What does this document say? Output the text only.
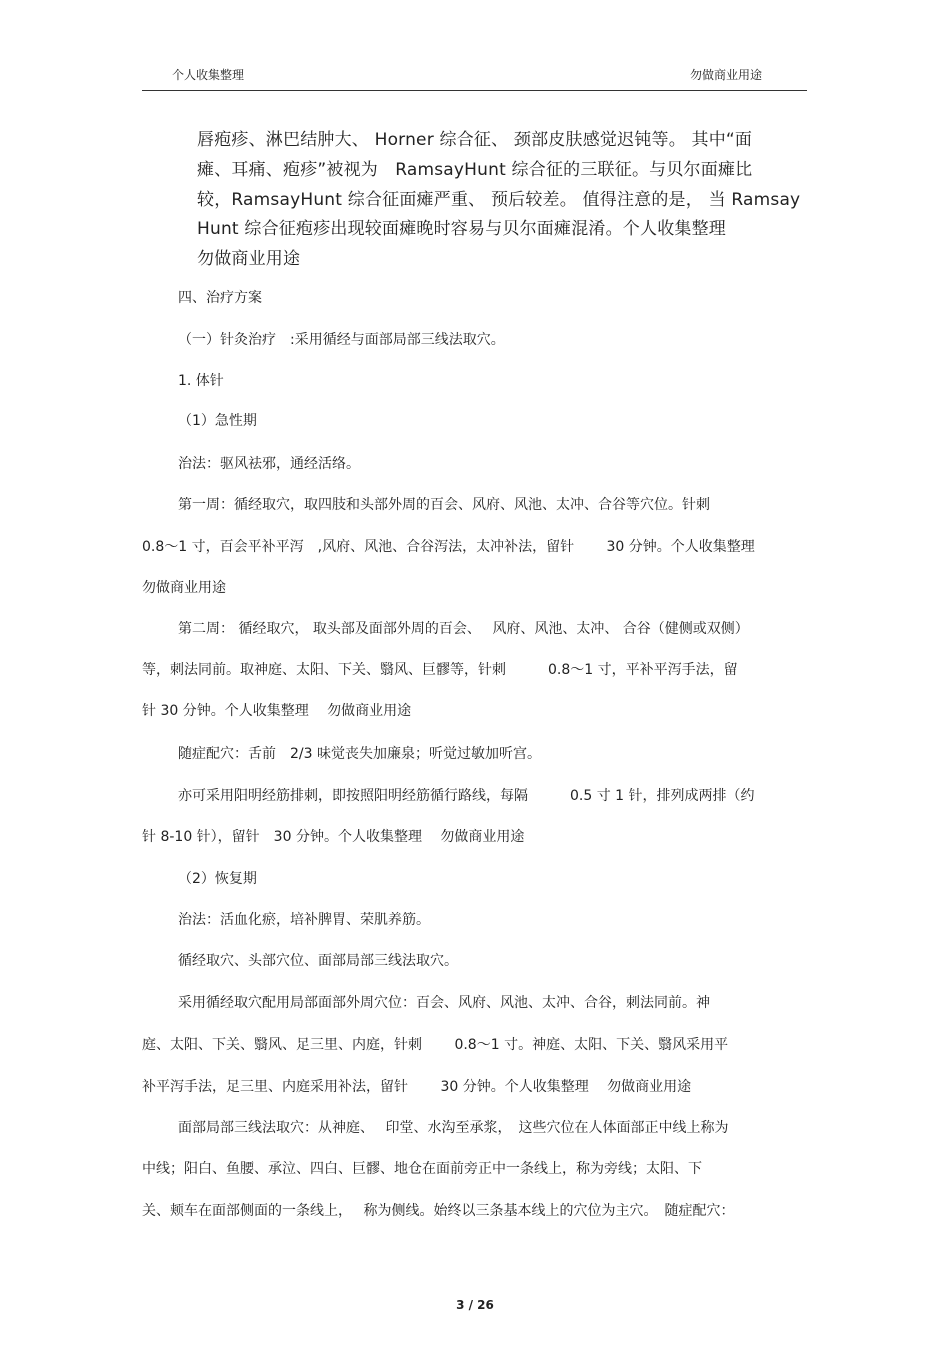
个人收集整理	勿做商业用途
唇疱疹、淋巴结肿大、 Horner 综合征、 颈部皮肤感觉迟钝等。 其中“面
瘫、耳痛、疱疹”被视为　RamsayHunt 综合征的三联征。与贝尔面瘫比
较，RamsayHunt 综合征面瘫严重、 预后较差。 值得注意的是， 当 Ramsay
Hunt 综合征疱疹出现较面瘫晚时容易与贝尔面瘫混淆。个人收集整理
勿做商业用途
四、治疗方案
（一）针灸治疗　:采用循经与面部局部三线法取穴。
1. 体针
（1）急性期
治法：驱风祛邪，通经活络。
第一周：循经取穴，取四肢和头部外周的百会、风府、风池、太冲、合谷等穴位。针刺
0.8～1 寸，百会平补平泻　,风府、风池、合谷泻法，太冲补法，留针　　 30 分钟。个人收集整理
勿做商业用途
第二周： 循经取穴， 取头部及面部外周的百会、　 风府、风池、太冲、 合谷（健侧或双侧）
等，刺法同前。取神庭、太阳、下关、翳风、巨髎等，针刺　　　0.8～1 寸，平补平泻手法，留
针 30 分钟。个人收集整理　 勿做商业用途
随症配穴：舌前　2/3 味觉丧失加廉泉；听觉过敏加听宫。
亦可采用阳明经筋排刺，即按照阳明经筋循行路线，每隔　　　0.5 寸 1 针，排列成两排（约
针 8-10 针），留针　30 分钟。个人收集整理　 勿做商业用途
（2）恢复期
治法：活血化瘀，培补脾胃、荣肌养筋。
循经取穴、头部穴位、面部局部三线法取穴。
采用循经取穴配用局部面部外周穴位：百会、风府、风池、太冲、合谷，刺法同前。神
庭、太阳、下关、翳风、足三里、内庭，针刺　　 0.8～1 寸。神庭、太阳、下关、翳风采用平
补平泻手法，足三里、内庭采用补法，留针　　 30 分钟。个人收集整理　 勿做商业用途
面部局部三线法取穴：从神庭、　 印堂、水沟至承浆，　这些穴位在人体面部正中线上称为
中线；阳白、鱼腰、承泣、四白、巨髎、地仓在面前旁正中一条线上，称为旁线；太阳、下
关、颊车在面部侧面的一条线上，　 称为侧线。始终以三条基本线上的穴位为主穴。　随症配穴：
3 / 26
